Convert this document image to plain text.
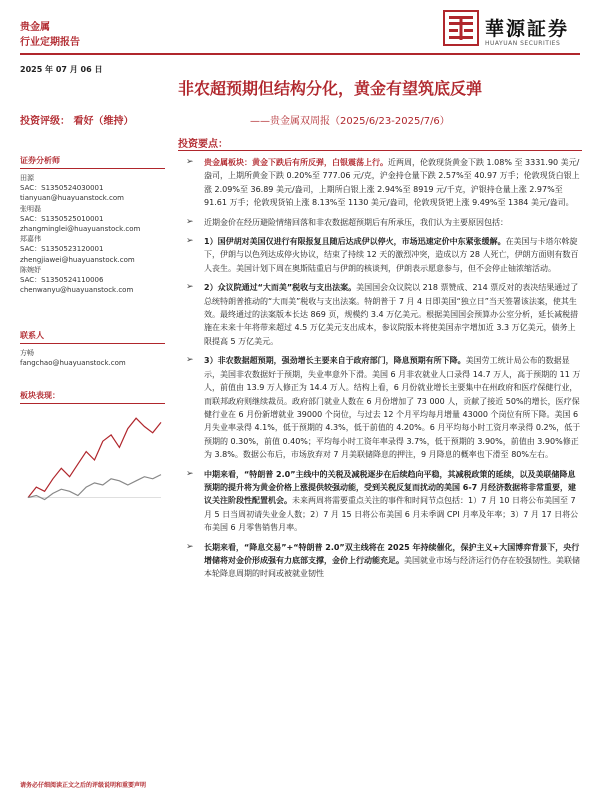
贵金属
行业定期报告
華源証券
HUAYUAN SECURITIES
2025 年 07 月 06 日
非农超预期但结构分化，黄金有望筑底反弹
投资评级： 看好（维持）	——贵金属双周报（2025/6/23-2025/7/6）
投资要点：
证券分析师
田源
SAC：S1350524030001
tianyuan@huayuanstock.com
张明磊
SAC：S1350525010001
zhangminglei@huayuanstock.com
郑嘉伟
SAC：S1350523120001
zhengjiawei@huayuanstock.com
陈婉妤
SAC：S1350524110006
chenwanyu@huayuanstock.com
联系人
方畅
fangchao@huayuanstock.com
板块表现：
➢ 贵金属板块：黄金下跌后有所反弹，白银震荡上行。近两周，伦敦现货黄金下跌 1.08% 至 3331.90 美元/盎司，上期所黄金下跌 0.20%至 777.06 元/克，沪金持仓量下跌 2.57%至 40.97 万手；伦敦现货白银上涨 2.09%至 36.89 美元/盎司，上期所白银上涨 2.94%至 8919 元/千克，沪银持仓量上涨 2.97%至 91.61 万手；伦敦现货铂上涨 8.13%至 1130 美元/盎司，伦敦现货钯上涨 9.49%至 1384 美元/盎司。
➢ 近期金价在经历避险情绪回落和非农数据超预期后有所承压，我们认为主要原因包括：
➢ 1）国伊胡对美国仅进行有限报复且随后达成伊以停火，市场迅速定价中东紧张缓解。在美国与卡塔尔斡旋下，伊朗与以色列达成停火协议，结束了持续 12 天的激烈冲突，造成以方 28 人死亡，伊朗方面则有数百人丧生。美国计划下周在奥斯陆重启与伊朗的核谈判，伊朗表示愿意参与，但不会停止铀浓缩活动。
➢ 2）众议院通过“大而美”税收与支出法案。美国国会众议院以 218 票赞成、214 票反对的表决结果通过了总统特朗普推动的“大而美”税收与支出法案。特朗普于 7 月 4 日即美国“独立日”当天签署该法案，使其生效。最终通过的法案版本长达 869 页，规模约 3.4 万亿美元。根据美国国会预算办公室分析，延长减税措施在未来十年将带来超过 4.5 万亿美元支出成本，参议院版本将使美国赤字增加近 3.3 万亿美元，债务上限提高 5 万亿美元。
➢ 3）非农数据超预期，强劲增长主要来自于政府部门，降息预期有所下降。美国劳工统计局公布的数据显示，美国非农数据好于预期，失业率意外下滑。美国 6 月非农就业人口录得 14.7 万人，高于预期的 11 万人，前值由 13.9 万人修正为 14.4 万人。结构上看，6 月份就业增长主要集中在州政府和医疗保健行业，而联邦政府则继续裁员。政府部门就业人数在 6 月份增加了 73 000 人，贡献了接近 50%的增长，医疗保健行业在 6 月份新增就业 39000 个岗位，与过去 12 个月平均每月增量 43000 个岗位有所下降。美国 6 月失业率录得 4.1%，低于预期的 4.3%，低于前值的 4.20%。6 月平均每小时工资月率录得 0.2%，低于预期的 0.30%，前值 0.40%；平均每小时工资年率录得 3.7%，低于预期的 3.90%，前值由 3.90%修正为 3.8%。数据公布后，市场放弃对 7 月美联储降息的押注，9 月降息的概率也下滑至 80%左右。
➢ 中期来看，“特朗普 2.0”主线中的关税及减税逐步在后续趋向平稳，其减税政策的延续，以及美联储降息预期的提升将为黄金价格上涨提供较强动能，受到关税反复而扰动的美国 6-7 月经济数据将非常重要，建议关注阶段性配置机会。未来两周将需要重点关注的事件和时间节点包括：1）7 月 10 日将公布美国至 7 月 5 日当周初请失业金人数；2）7 月 15 日将公布美国 6 月未季调 CPI 月率及年率；3）7 月 17 日将公布美国 6 月零售销售月率。
➢ 长期来看，“降息交易”+“特朗普 2.0”双主线将在 2025 年持续催化，保护主义+大国博弈背景下，央行增储将对金价形成强有力底部支撑，金价上行动能充足。美国就业市场与经济运行仍存在较强韧性。美联储本轮降息周期的时间或被就业韧性
请务必仔细阅读正文之后的评级说明和重要声明
